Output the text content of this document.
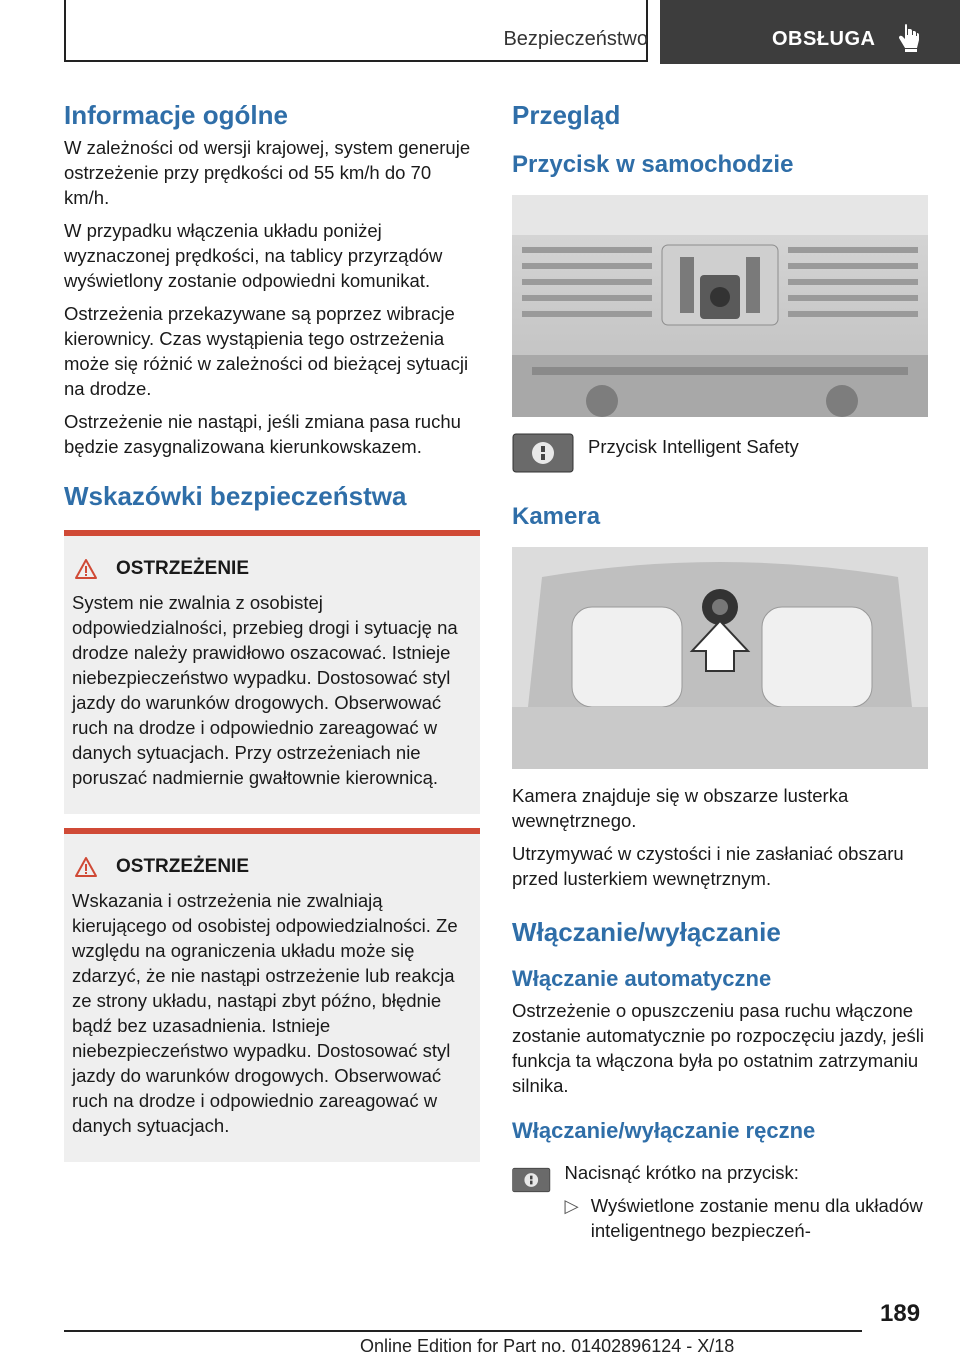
Bezpieczeństwo	OBSŁUGA
Informacje ogólne

W zależności od wersji krajowej, system generuje ostrzeżenie przy prędkości od 55 km/h do 70 km/h.

W przypadku włączenia układu poniżej wyznaczonej prędkości, na tablicy przyrządów wyświetlony zostanie odpowiedni komunikat.

Ostrzeżenia przekazywane są poprzez wibracje kierownicy. Czas wystąpienia tego ostrzeżenia może się różnić w zależności od bieżącej sytuacji na drodze.

Ostrzeżenie nie nastąpi, jeśli zmiana pasa ruchu będzie zasygnalizowana kierunkowskazem.

Wskazówki bezpieczeństwa
OSTRZEŻENIE

System nie zwalnia z osobistej odpowiedzialności, przebieg drogi i sytuację na drodze należy prawidłowo oszacować. Istnieje niebezpieczeństwo wypadku. Dostosować styl jazdy do warunków drogowych. Obserwować ruch na drodze i odpowiednio zareagować w danych sytuacjach. Przy ostrzeżeniach nie poruszać nadmiernie gwałtownie kierownicą.

OSTRZEŻENIE

Wskazania i ostrzeżenia nie zwalniają kierującego od osobistej odpowiedzialności. Ze względu na ograniczenia układu może się zdarzyć, że nie nastąpi ostrzeżenie lub reakcja ze strony układu, nastąpi zbyt późno, błędnie bądź bez uzasadnienia. Istnieje niebezpieczeństwo wypadku. Dostosować styl jazdy do warunków drogowych. Obserwować ruch na drodze i odpowiednio zareagować w danych sytuacjach.

Przegląd
Przycisk w samochodzie

Przycisk Intelligent Safety

Kamera

Kamera znajduje się w obszarze lusterka wewnętrznego.

Utrzymywać w czystości i nie zasłaniać obszaru przed lusterkiem wewnętrznym.

Włączanie/wyłączanie
Włączanie automatyczne

Ostrzeżenie o opuszczeniu pasa ruchu włączone zostanie automatycznie po rozpoczęciu jazdy, jeśli funkcja ta włączona była po ostatnim zatrzymaniu silnika.

Włączanie/wyłączanie ręczne

Nacisnąć krótko na przycisk:

▷ Wyświetlone zostanie menu dla układów inteligentnego bezpieczeń-
189
Online Edition for Part no. 01402896124 - X/18
